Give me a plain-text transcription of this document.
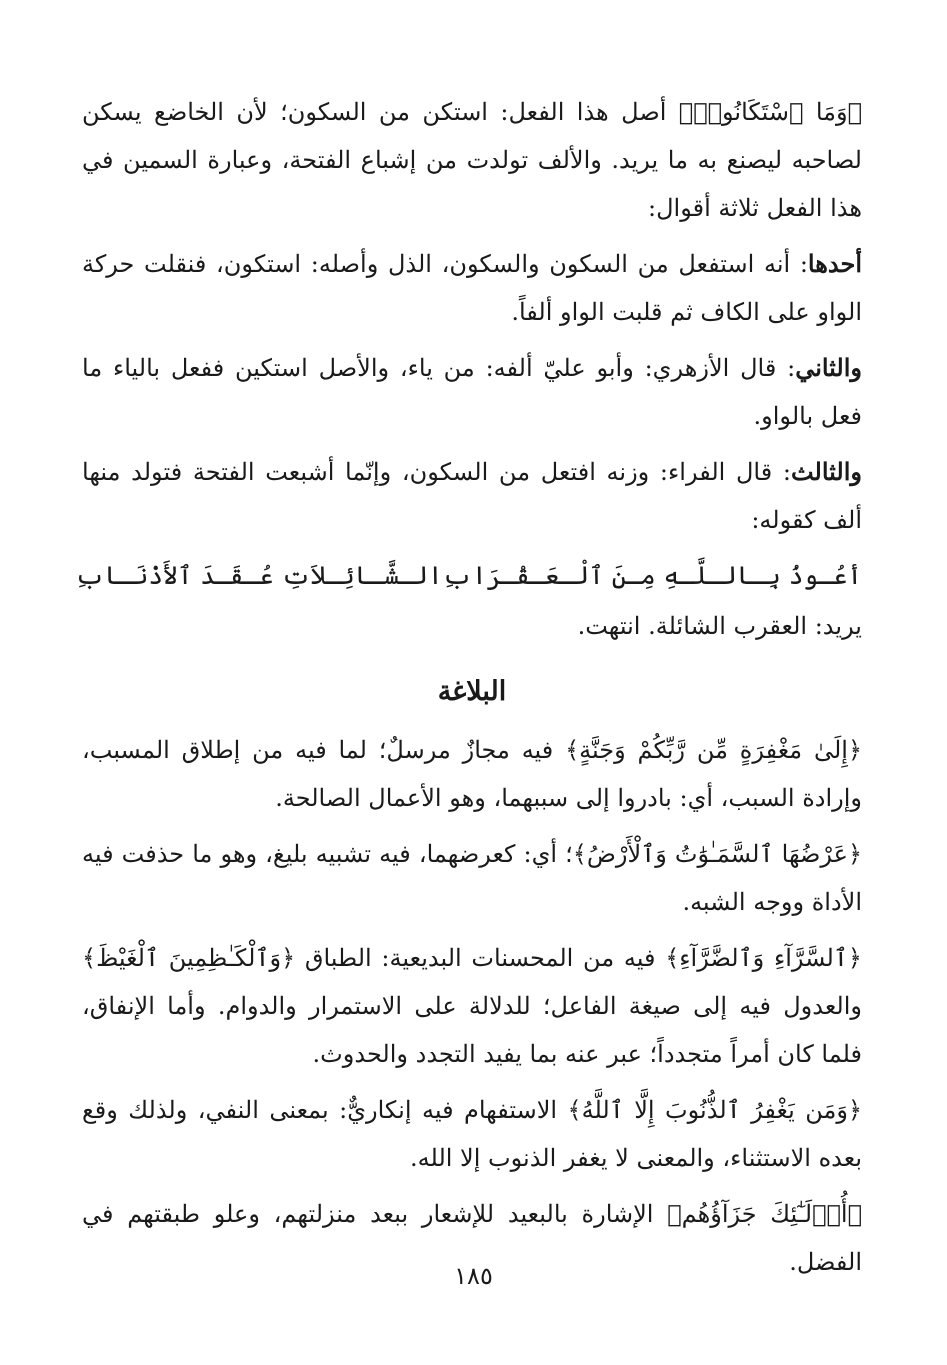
﴿وَمَا ٱسْتَكَانُوا۟﴾ أصل هذا الفعل: استكن من السكون؛ لأن الخاضع يسكن لصاحبه ليصنع به ما يريد. والألف تولدت من إشباع الفتحة، وعبارة السمين في هذا الفعل ثلاثة أقوال:

أحدها: أنه استفعل من السكون والسكون، الذل وأصله: استكون، فنقلت حركة الواو على الكاف ثم قلبت الواو ألفاً.

والثاني: قال الأزهري: وأبو عليّ ألفه: من ياء، والأصل استكين ففعل بالياء ما فعل بالواو.

والثالث: قال الفراء: وزنه افتعل من السكون، وإنّما أشبعت الفتحة فتولد منها ألف كقوله:

أعُـوذُ بِـالـلَّـهِ مِـنَ ٱلْـعَـقْـرَابِ
الـشَّـائِـلاَتِ عُـقَـدَ ٱلأَذْنَـابِ

يريد: العقرب الشائلة. انتهت.

البلاغة

﴿إِلَىٰ مَغْفِرَةٍ مِّن رَّبِّكُمْ وَجَنَّةٍ﴾ فيه مجازٌ مرسلٌ؛ لما فيه من إطلاق المسبب، وإرادة السبب، أي: بادروا إلى سببهما، وهو الأعمال الصالحة.

﴿عَرْضُهَا ٱلسَّمَـٰوَٰتُ وَٱلْأَرْضُ﴾؛ أي: كعرضهما، فيه تشبيه بليغ، وهو ما حذفت فيه الأداة ووجه الشبه.

﴿ٱلسَّرَّآءِ وَٱلضَّرَّآءِ﴾ فيه من المحسنات البديعية: الطباق ﴿وَٱلْكَـٰظِمِينَ ٱلْغَيْظَ﴾ والعدول فيه إلى صيغة الفاعل؛ للدلالة على الاستمرار والدوام. وأما الإنفاق، فلما كان أمراً متجدداً؛ عبر عنه بما يفيد التجدد والحدوث.

﴿وَمَن يَغْفِرُ ٱلذُّنُوبَ إِلَّا ٱللَّهُ﴾ الاستفهام فيه إنكاريٌّ: بمعنى النفي، ولذلك وقع بعده الاستثناء، والمعنى لا يغفر الذنوب إلا الله.

﴿أُو۟لَـٰٓئِكَ جَزَآؤُهُم﴾ الإشارة بالبعيد للإشعار ببعد منزلتهم، وعلو طبقتهم في الفضل.

١٨٥
